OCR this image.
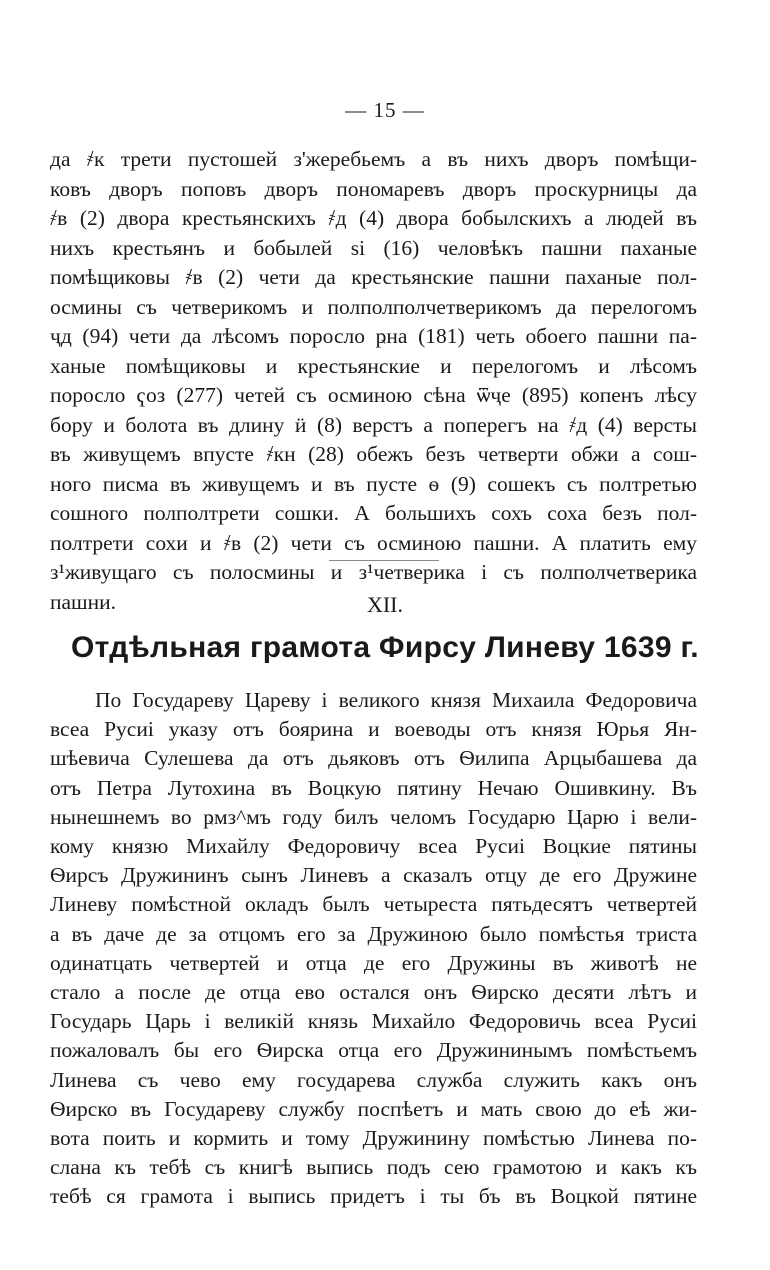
— 15 —
да ҂к трети пустошей з'жеребьемъ а въ нихъ дворъ помѣщи-
ковъ дворъ поповъ дворъ пономаревъ дворъ проскурницы да
҂в (2) двора крестьянскихъ ҂д (4) двора бобылскихъ а людей въ
нихъ крестьянъ и бобылей ѕі (16) человѣкъ пашни паханые
помѣщиковы ҂в (2) чети да крестьянские пашни паханые пол-
осмины съ четверикомъ и полполполчетверикомъ да перелогомъ
ҷд (94) чети да лѣсомъ поросло ҏна (181) четь обоего пашни па-
ханые помѣщиковы и крестьянские и перелогомъ и лѣсомъ
поросло ҁоз (277) четей съ осминою сѣна ѿҷе (895) копенъ лѣсу
бору и болота въ длину ӥ (8) верстъ а поперегъ на ҂д (4) версты
въ живущемъ впусте ҂кн (28) обежъ безъ четверти обжи а сош-
ного писма въ живущемъ и въ пусте ѳ (9) сошекъ съ полтретью
сошного полполтрети сошки. А большихъ сохъ соха безъ пол-
полтрети сохи и ҂в (2) чети съ осминою пашни. А платить ему
з¹живущаго съ полосмины и з¹четверика і съ полполчетверика
пашни.	XII.
Отдѣльная грамота Фирсу Линеву 1639 г.
По Государеву Цареву і великого князя Михаила Федоровича
всеа Русиі указу отъ боярина и воеводы отъ князя Юрья Ян-
шѣевича Сулешева да отъ дьяковъ отъ Ѳилипа Арцыбашева да
отъ Петра Лутохина въ Воцкую пятину Нечаю Ошивкину. Въ
нынешнемъ во ҏмз^мъ году билъ челомъ Государю Царю і вели-
кому князю Михайлу Федоровичу всеа Русиі Воцкие пятины
Ѳирсъ Дружининъ сынъ Линевъ а сказалъ отцу де его Дружине
Линеву помѣстной окладъ былъ четыреста пятьдесятъ четвертей
а въ даче де за отцомъ его за Дружиною было помѣстья триста
одинатцать четвертей и отца де его Дружины въ животѣ не
стало а после де отца ево остался онъ Ѳирско десяти лѣтъ и
Государь Царь і великій князь Михайло Федоровичь всеа Русиі
пожаловалъ бы его Ѳирска отца его Дружининымъ помѣстьемъ
Линева съ чево ему государева служба служить какъ онъ
Ѳирско въ Государеву службу поспѣетъ и мать свою до еѣ жи-
вота поить и кормить и тому Дружинину помѣстью Линева по-
слана къ тебѣ съ книгѣ выпись подъ сею грамотою и какъ къ
тебѣ ся грамота і выпись придетъ і ты бъ въ Воцкой пятине
